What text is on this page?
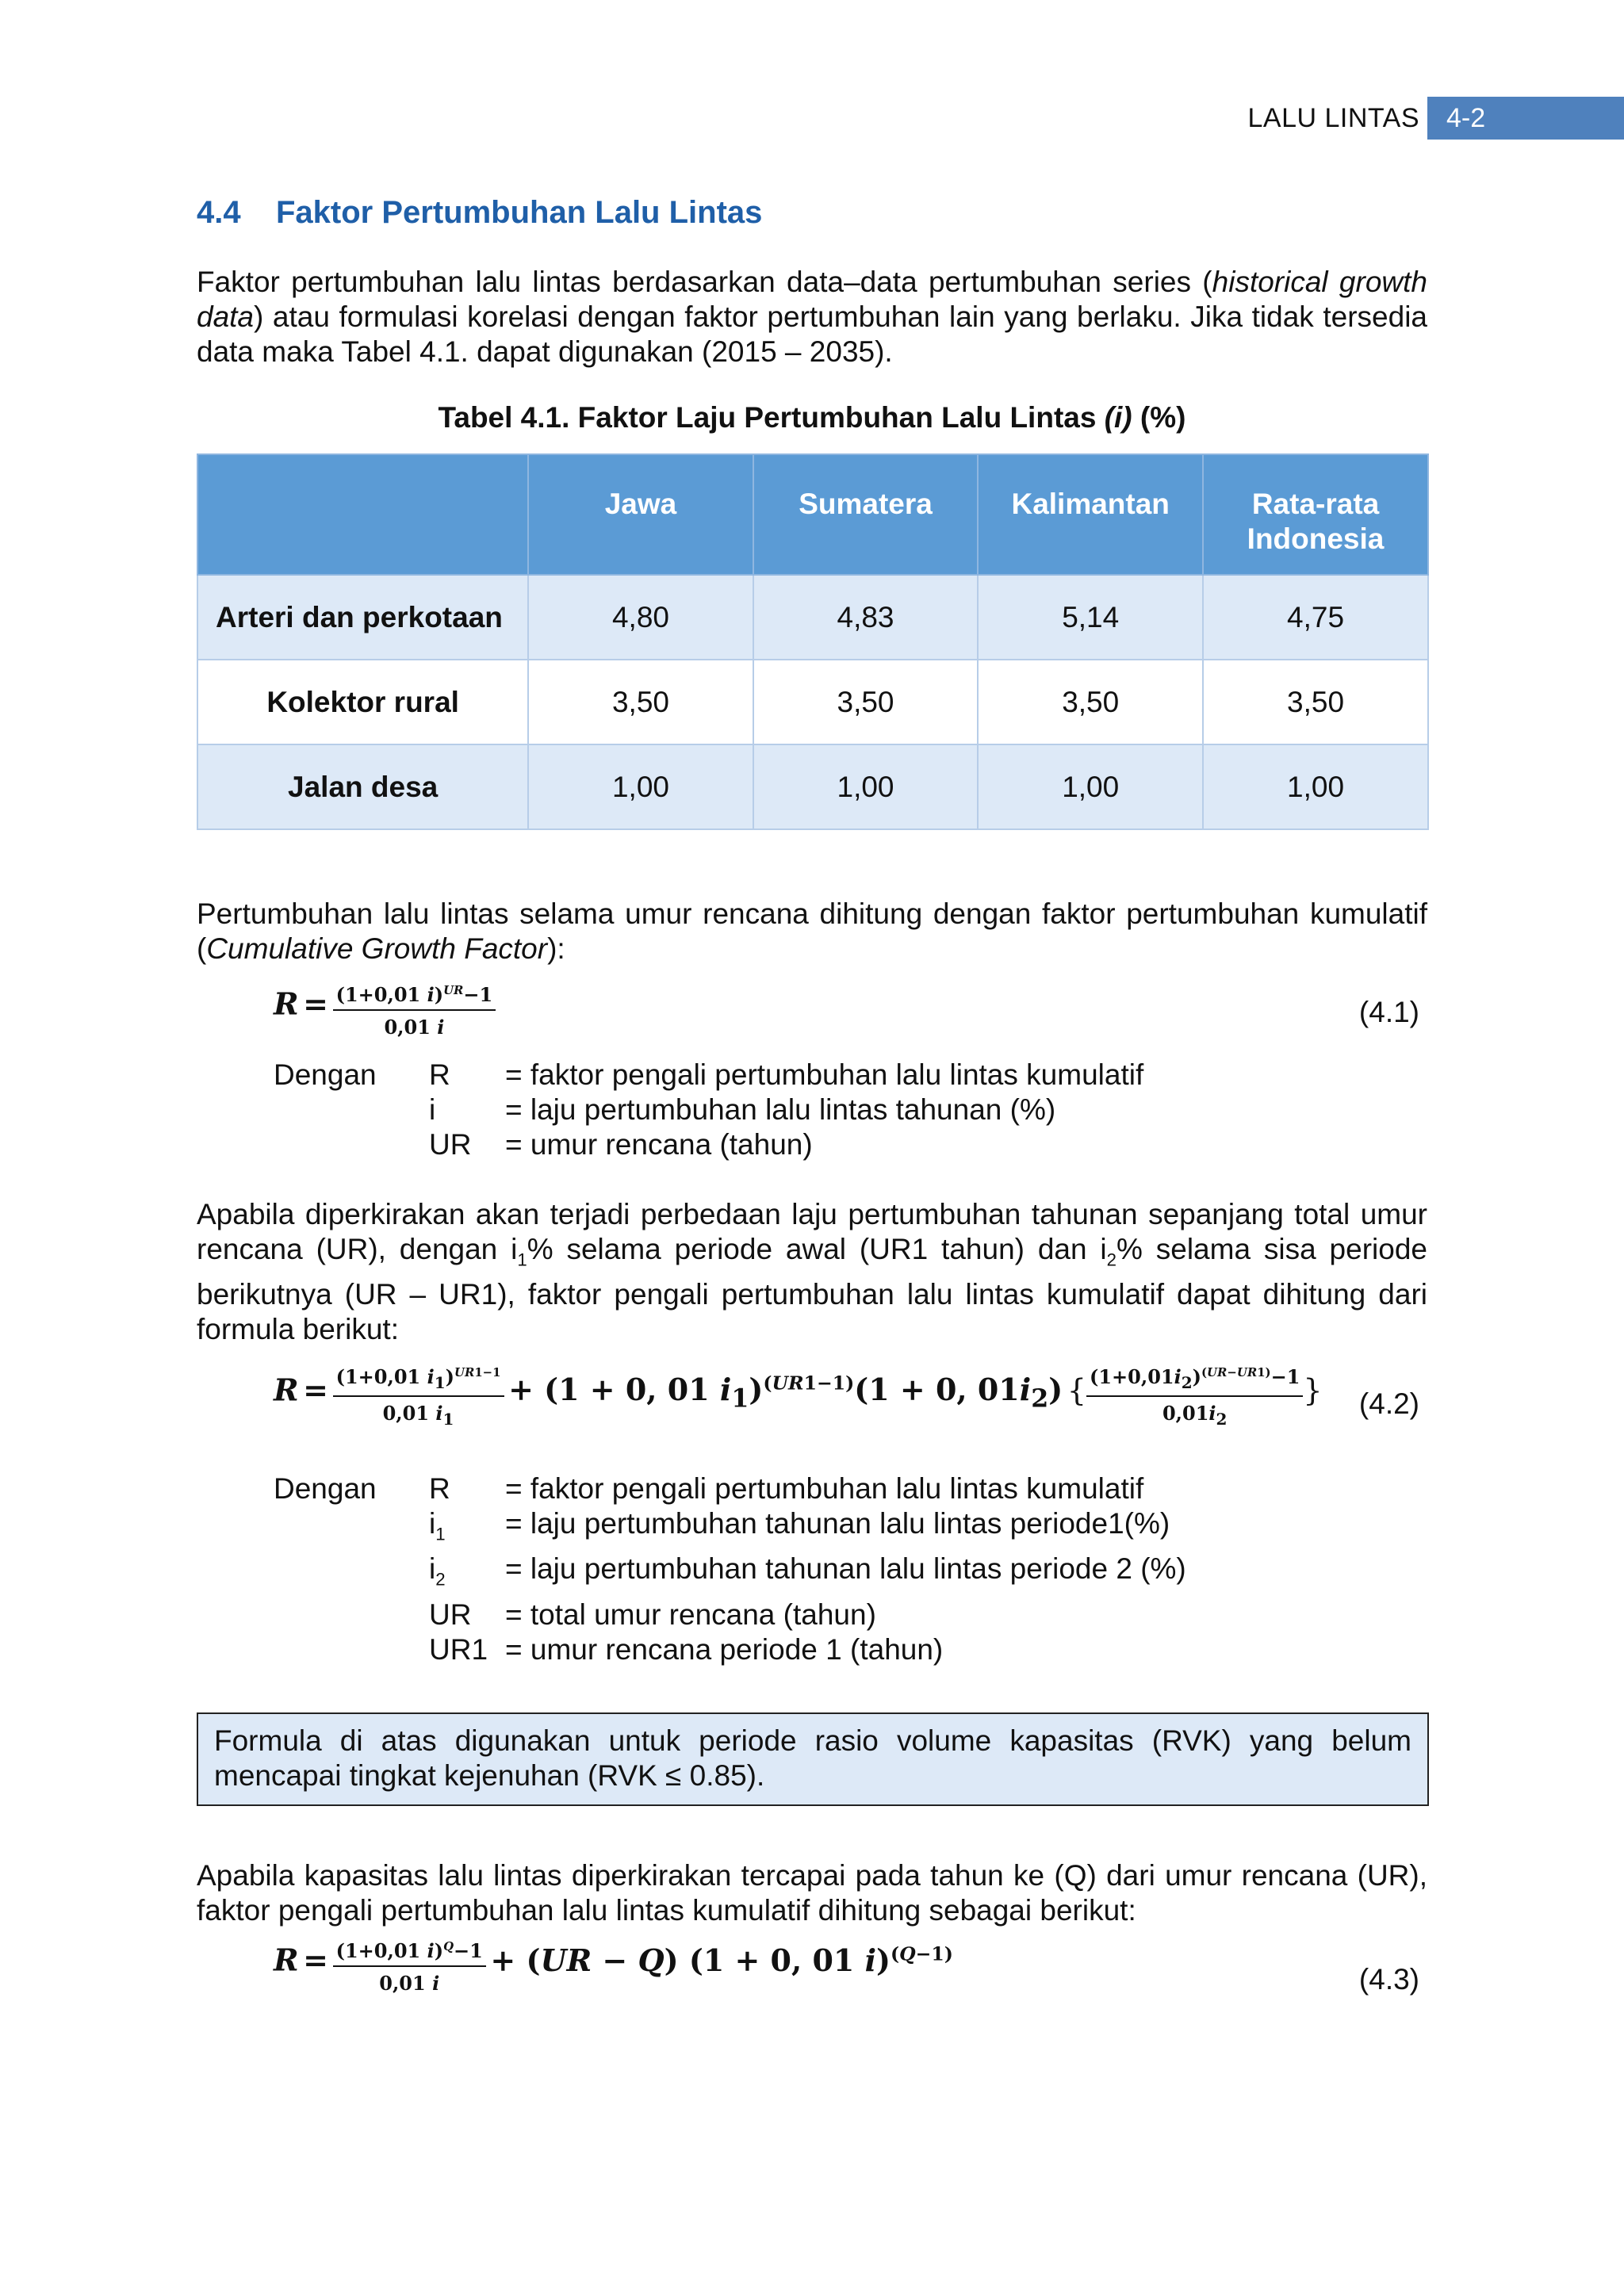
LALU LINTAS	4-2
4.4 Faktor Pertumbuhan Lalu Lintas
Faktor pertumbuhan lalu lintas berdasarkan data–data pertumbuhan series (historical growth data) atau formulasi korelasi dengan faktor pertumbuhan lain yang berlaku. Jika tidak tersedia data maka Tabel 4.1. dapat digunakan (2015 – 2035).
Tabel 4.1. Faktor Laju Pertumbuhan Lalu Lintas (i) (%)
	Jawa	Sumatera	Kalimantan	Rata-rata Indonesia
Arteri dan perkotaan	4,80	4,83	5,14	4,75
Kolektor rural	3,50	3,50	3,50	3,50
Jalan desa	1,00	1,00	1,00	1,00
Pertumbuhan lalu lintas selama umur rencana dihitung dengan faktor pertumbuhan kumulatif (Cumulative Growth Factor):
$R = \frac{(1+0,01 i)^{UR}-1}{0,01 i}$	(4.1)
Dengan	R	= faktor pengali pertumbuhan lalu lintas kumulatif
i	= laju pertumbuhan lalu lintas tahunan (%)
UR	= umur rencana (tahun)
Apabila diperkirakan akan terjadi perbedaan laju pertumbuhan tahunan sepanjang total umur rencana (UR), dengan $i_1\%$ selama periode awal (UR1 tahun) dan $i_2\%$ selama sisa periode berikutnya (UR – UR1), faktor pengali pertumbuhan lalu lintas kumulatif dapat dihitung dari formula berikut:
$R = \frac{(1+0,01 i_1)^{UR1-1}}{0,01 i_1} + (1 + 0$, 01 $i_1)^{(UR1-1)}(1 + 0$, $01i_2$) { $\frac{(1+0,01i_2)^{(UR-UR1)}-1}{0,01i_2}$ } (4.2)
Dengan	R	= faktor pengali pertumbuhan lalu lintas kumulatif
$i_1$	= laju pertumbuhan tahunan lalu lintas periode1(%)
$i_2$	= laju pertumbuhan tahunan lalu lintas periode 2 (%)
UR	= total umur rencana (tahun)
UR1 = umur rencana periode 1 (tahun)
Formula di atas digunakan untuk periode rasio volume kapasitas (RVK) yang belum mencapai tingkat kejenuhan (RVK ≤ 0.85).
Apabila kapasitas lalu lintas diperkirakan tercapai pada tahun ke (Q) dari umur rencana (UR), faktor pengali pertumbuhan lalu lintas kumulatif dihitung sebagai berikut:
$R = \frac{(1+0,01 i)^Q-1}{0,01 i} + (UR - Q) (1 + 0$, 01 i)$^{(Q-1)}$
(4.3)
